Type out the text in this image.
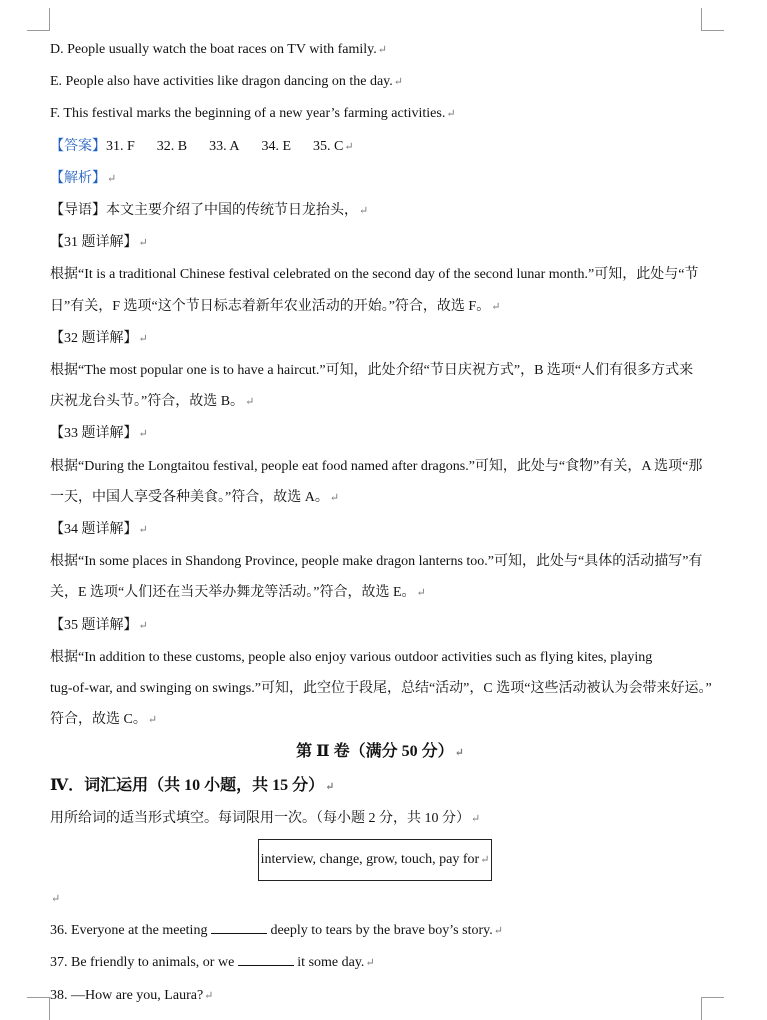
D. People usually watch the boat races on TV with family.↵
E. People also have activities like dragon dancing on the day.↵
F. This festival marks the beginning of a new year’s farming activities.↵
【答案】31. F 32. B 33. A 34. E 35. C↵
【解析】↵
【导语】本文主要介绍了中国的传统节日龙抬头，↵
【31 题详解】↵
根据“It is a traditional Chinese festival celebrated on the second day of the second lunar month.”可知，此处与“节
日”有关，F 选项“这个节日标志着新年农业活动的开始。”符合，故选 F。↵
【32 题详解】↵
根据“The most popular one is to have a haircut.”可知，此处介绍“节日庆祝方式”，B 选项“人们有很多方式来
庆祝龙台头节。”符合，故选 B。↵
【33 题详解】↵
根据“During the Longtaitou festival, people eat food named after dragons.”可知，此处与“食物”有关，A 选项“那
一天，中国人享受各种美食。”符合，故选 A。↵
【34 题详解】↵
根据“In some places in Shandong Province, people make dragon lanterns too.”可知，此处与“具体的活动描写”有
关，E 选项“人们还在当天举办舞龙等活动。”符合，故选 E。↵
【35 题详解】↵
根据“In addition to these customs, people also enjoy various outdoor activities such as flying kites, playing
tug-of-war, and swinging on swings.”可知，此空位于段尾，总结“活动”，C 选项“这些活动被认为会带来好运。”
符合，故选 C。↵
第 Ⅱ 卷（满分 50 分）↵
Ⅳ．词汇运用（共 10 小题，共 15 分）↵
用所给词的适当形式填空。每词限用一次。（每小题 2 分，共 10 分）↵
interview, change, grow, touch, pay for↵
↵
36. Everyone at the meeting	deeply to tears by the brave boy’s story.↵
37. Be friendly to animals, or we	it some day.↵
38. —How are you, Laura?↵
